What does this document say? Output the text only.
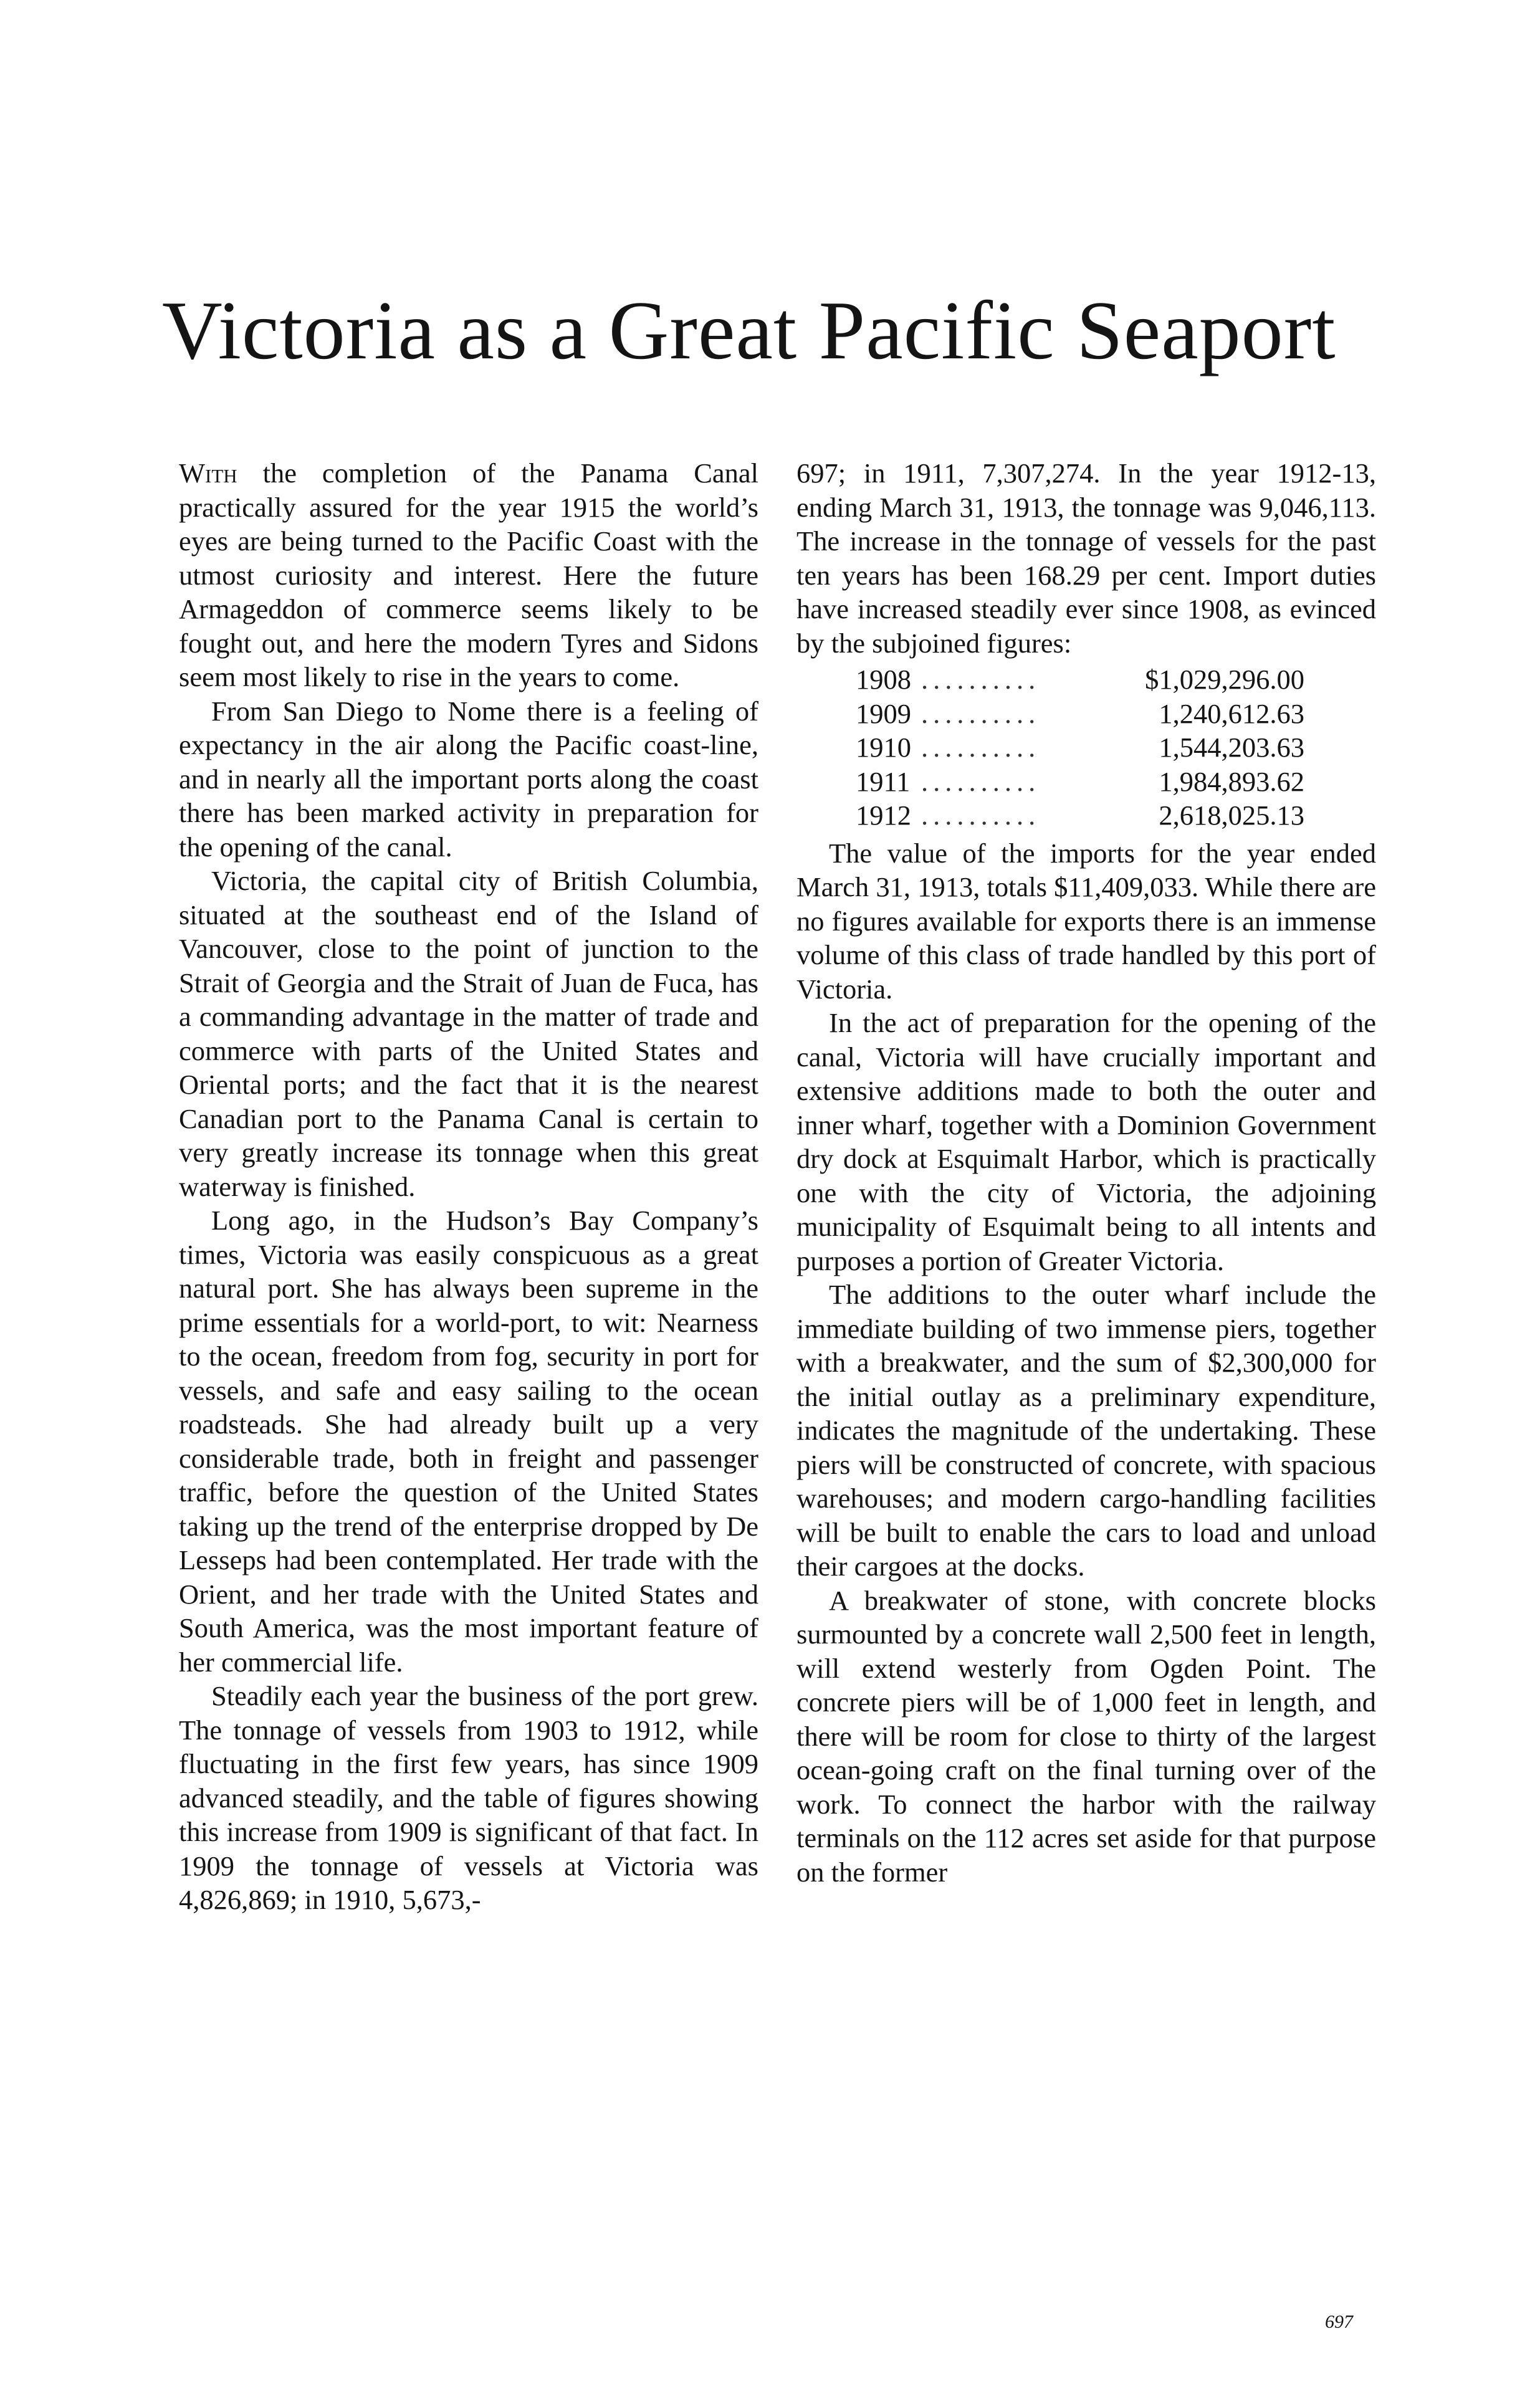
Victoria as a Great Pacific Seaport

With the completion of the Panama Canal practically assured for the year 1915 the world’s eyes are being turned to the Pacific Coast with the utmost curiosity and interest. Here the future Armageddon of commerce seems likely to be fought out, and here the modern Tyres and Sidons seem most likely to rise in the years to come.

From San Diego to Nome there is a feeling of expectancy in the air along the Pacific coast-line, and in nearly all the important ports along the coast there has been marked activity in preparation for the opening of the canal.

Victoria, the capital city of British Columbia, situated at the southeast end of the Island of Vancouver, close to the point of junction to the Strait of Georgia and the Strait of Juan de Fuca, has a commanding advantage in the matter of trade and commerce with parts of the United States and Oriental ports; and the fact that it is the nearest Canadian port to the Panama Canal is certain to very greatly increase its tonnage when this great waterway is finished.

Long ago, in the Hudson’s Bay Company’s times, Victoria was easily conspicuous as a great natural port. She has always been supreme in the prime essentials for a world-port, to wit: Nearness to the ocean, freedom from fog, security in port for vessels, and safe and easy sailing to the ocean roadsteads. She had already built up a very considerable trade, both in freight and passenger traffic, before the question of the United States taking up the trend of the enterprise dropped by De Lesseps had been contemplated. Her trade with the Orient, and her trade with the United States and South America, was the most important feature of her commercial life.

Steadily each year the business of the port grew. The tonnage of vessels from 1903 to 1912, while fluctuating in the first few years, has since 1909 advanced steadily, and the table of figures showing this increase from 1909 is significant of that fact. In 1909 the tonnage of vessels at Victoria was 4,826,869; in 1910, 5,673,-

697; in 1911, 7,307,274. In the year 1912-13, ending March 31, 1913, the tonnage was 9,046,113. The increase in the tonnage of vessels for the past ten years has been 168.29 per cent. Import duties have increased steadily ever since 1908, as evinced by the subjoined figures:

1908 ..........	$1,029,296.00
1909 ..........	1,240,612.63
1910 ..........	1,544,203.63
1911 ..........	1,984,893.62
1912 ..........	2,618,025.13

The value of the imports for the year ended March 31, 1913, totals $11,409,033. While there are no figures available for exports there is an immense volume of this class of trade handled by this port of Victoria.

In the act of preparation for the opening of the canal, Victoria will have crucially important and extensive additions made to both the outer and inner wharf, together with a Dominion Government dry dock at Esquimalt Harbor, which is practically one with the city of Victoria, the adjoining municipality of Esquimalt being to all intents and purposes a portion of Greater Victoria.

The additions to the outer wharf include the immediate building of two immense piers, together with a breakwater, and the sum of $2,300,000 for the initial outlay as a preliminary expenditure, indicates the magnitude of the undertaking. These piers will be constructed of concrete, with spacious warehouses; and modern cargo-handling facilities will be built to enable the cars to load and unload their cargoes at the docks.

A breakwater of stone, with concrete blocks surmounted by a concrete wall 2,500 feet in length, will extend westerly from Ogden Point. The concrete piers will be of 1,000 feet in length, and there will be room for close to thirty of the largest ocean-going craft on the final turning over of the work. To connect the harbor with the railway terminals on the 112 acres set aside for that purpose on the former

697
